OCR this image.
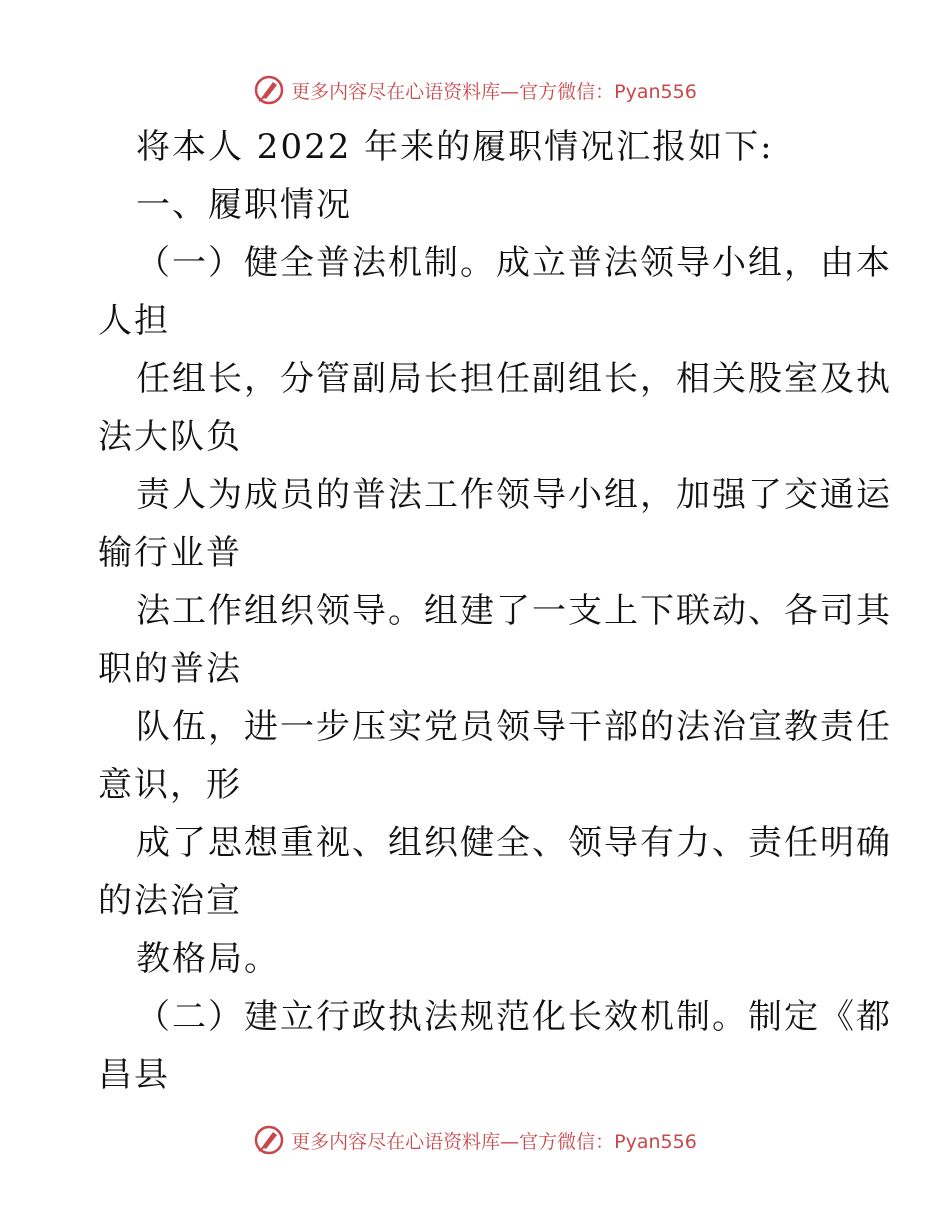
更多内容尽在心语资料库—官方微信：Pyan556
将本人 2022 年来的履职情况汇报如下:
一、履职情况
（一）健全普法机制。成立普法领导小组，由本
人担
任组长，分管副局长担任副组长，相关股室及执
法大队负
责人为成员的普法工作领导小组，加强了交通运
输行业普
法工作组织领导。组建了一支上下联动、各司其
职的普法
队伍，进一步压实党员领导干部的法治宣教责任
意识，形
成了思想重视、组织健全、领导有力、责任明确
的法治宣
教格局。
（二）建立行政执法规范化长效机制。制定《都
昌县
更多内容尽在心语资料库—官方微信：Pyan556
